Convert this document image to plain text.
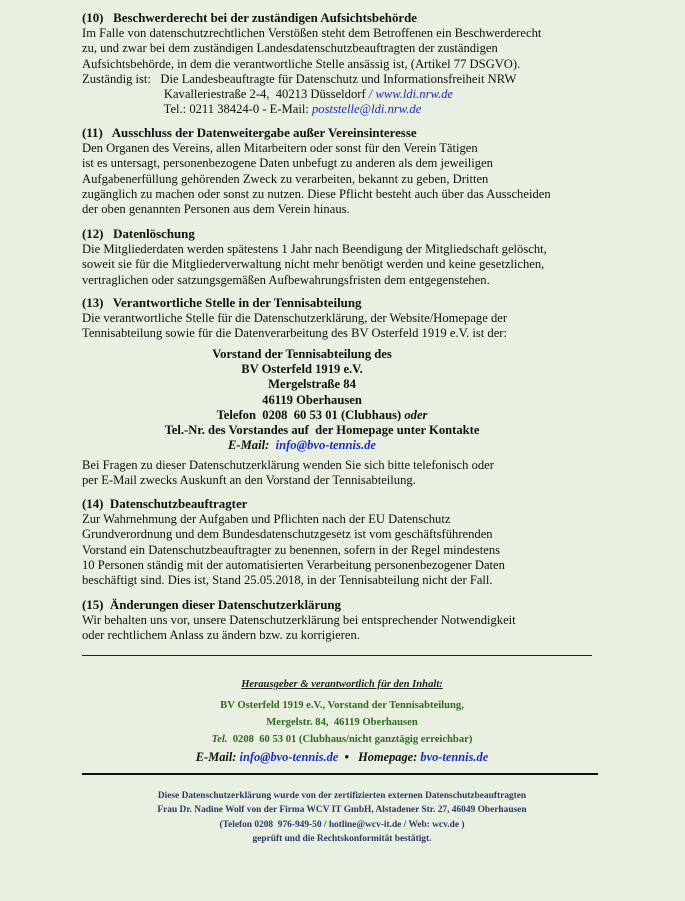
(10)   Beschwerderecht bei der zuständigen Aufsichtsbehörde

Im Falle von datenschutzrechtlichen Verstößen steht dem Betroffenen ein Beschwerderecht

zu, und zwar bei dem zuständigen Landesdatenschutzbeauftragten der zuständigen

Aufsichtsbehörde, in dem die verantwortliche Stelle ansässig ist, (Artikel 77 DSGVO).

Zuständig ist:   Die Landesbeauftragte für Datenschutz und Informationsfreiheit NRW

Kavalleriestraße 2-4,  40213 Düsseldorf / www.ldi.nrw.de

Tel.: 0211 38424-0 - E-Mail: poststelle@ldi.nrw.de

(11)   Ausschluss der Datenweitergabe außer Vereinsinteresse

Den Organen des Vereins, allen Mitarbeitern oder sonst für den Verein Tätigen

ist es untersagt, personenbezogene Daten unbefugt zu anderen als dem jeweiligen

Aufgabenerfüllung gehörenden Zweck zu verarbeiten, bekannt zu geben, Dritten

zugänglich zu machen oder sonst zu nutzen. Diese Pflicht besteht auch über das Ausscheiden

der oben genannten Personen aus dem Verein hinaus.

(12)   Datenlöschung

Die Mitgliederdaten werden spätestens 1 Jahr nach Beendigung der Mitgliedschaft gelöscht,

soweit sie für die Mitgliederverwaltung nicht mehr benötigt werden und keine gesetzlichen,

vertraglichen oder satzungsgemäßen Aufbewahrungsfristen dem entgegenstehen.

(13)   Verantwortliche Stelle in der Tennisabteilung

Die verantwortliche Stelle für die Datenschutzerklärung, der Website/Homepage der

Tennisabteilung sowie für die Datenverarbeitung des BV Osterfeld 1919 e.V. ist der:

Vorstand der Tennisabteilung des

BV Osterfeld 1919 e.V.

Mergelstraße 84

46119 Oberhausen

Telefon  0208  60 53 01 (Clubhaus) oder

Tel.-Nr. des Vorstandes auf  der Homepage unter Kontakte

E-Mail:  info@bvo-tennis.de

Bei Fragen zu dieser Datenschutzerklärung wenden Sie sich bitte telefonisch oder

per E-Mail zwecks Auskunft an den Vorstand der Tennisabteilung.

(14)  Datenschutzbeauftragter

Zur Wahrnehmung der Aufgaben und Pflichten nach der EU Datenschutz

Grundverordnung und dem Bundesdatenschutzgesetz ist vom geschäftsführenden

Vorstand ein Datenschutzbeauftragter zu benennen, sofern in der Regel mindestens

10 Personen ständig mit der automatisierten Verarbeitung personenbezogener Daten

beschäftigt sind. Dies ist, Stand 25.05.2018, in der Tennisabteilung nicht der Fall.

(15)  Änderungen dieser Datenschutzerklärung

Wir behalten uns vor, unsere Datenschutzerklärung bei entsprechender Notwendigkeit

oder rechtlichem Anlass zu ändern bzw. zu korrigieren.

Herausgeber & verantwortlich für den Inhalt:
BV Osterfeld 1919 e.V., Vorstand der Tennisabteilung,
Mergelstr. 84,  46119 Oberhausen
Tel.  0208  60 53 01 (Clubhaus/nicht ganztägig erreichbar)
E-Mail: info@bvo-tennis.de  •   Homepage: bvo-tennis.de

Diese Datenschutzerklärung wurde von der zertifizierten externen Datenschutzbeauftragten

Frau Dr. Nadine Wolf von der Firma WCV IT GmbH, Alstadener Str. 27, 46049 Oberhausen

(Telefon 0208  976-949-50 / hotline@wcv-it.de / Web: wcv.de )

geprüft und die Rechtskonformität bestätigt.
